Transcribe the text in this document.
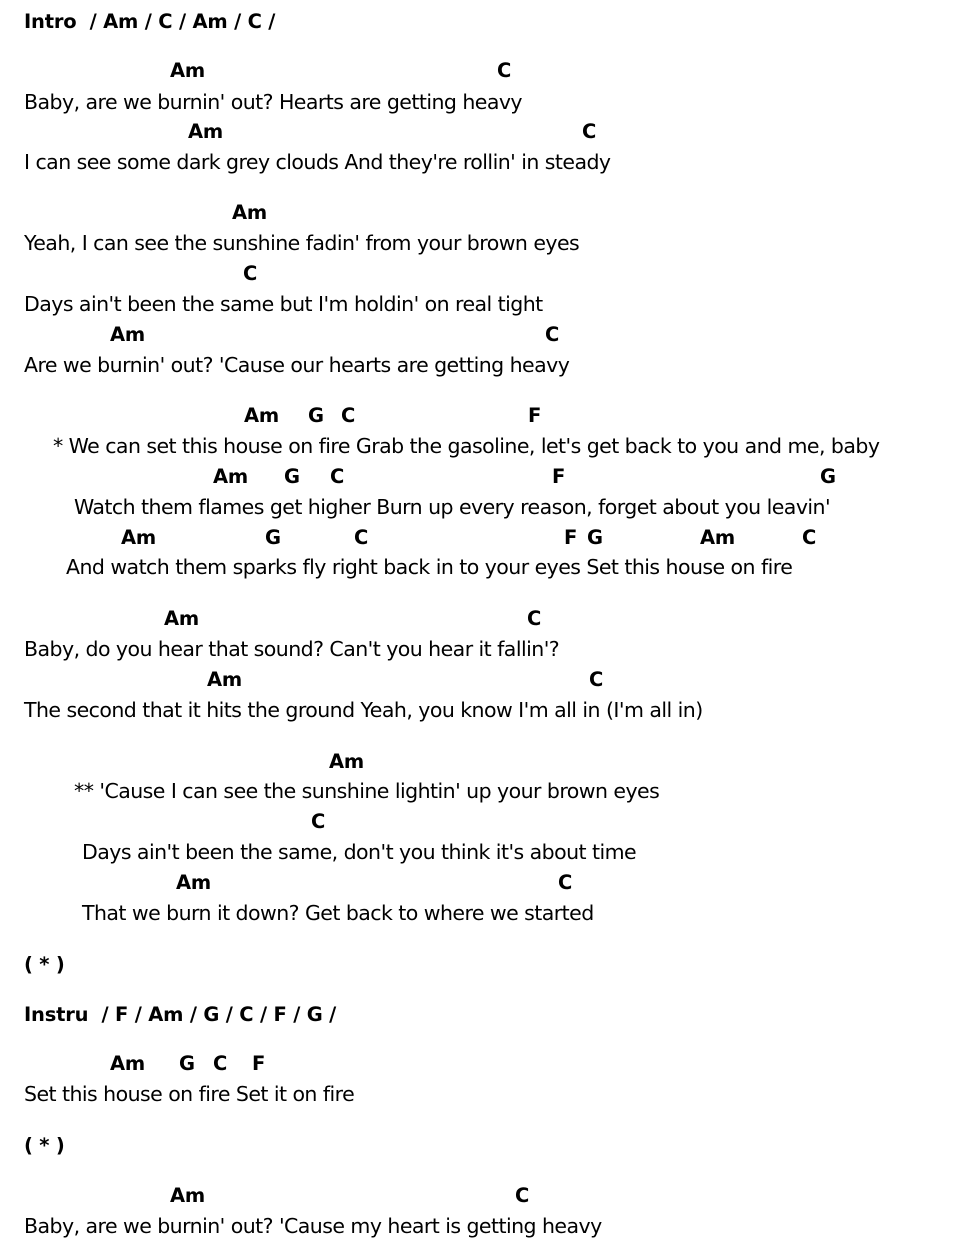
Intro  / Am / C / Am / C /
Am	C
Baby, are we burnin' out? Hearts are getting heavy
Am	C
I can see some dark grey clouds And they're rollin' in steady
Am
Yeah, I can see the sunshine fadin' from your brown eyes
C
Days ain't been the same but I'm holdin' on real tight
Am	C
Are we burnin' out? 'Cause our hearts are getting heavy
Am G C	F
* We can set this house on fire Grab the gasoline, let's get back to you and me, baby
Am G C	F	G
Watch them flames get higher Burn up every reason, forget about you leavin'
Am	G	C	F G	Am	C
And watch them sparks fly right back in to your eyes Set this house on fire
Am	C
Baby, do you hear that sound? Can't you hear it fallin'?
Am	C
The second that it hits the ground Yeah, you know I'm all in (I'm all in)
Am
** 'Cause I can see the sunshine lightin' up your brown eyes
C
Days ain't been the same, don't you think it's about time
Am	C
That we burn it down? Get back to where we started
( * )
Instru  / F / Am / G / C / F / G /
Am G C F
Set this house on fire Set it on fire
( * )
Am	C
Baby, are we burnin' out? 'Cause my heart is getting heavy
